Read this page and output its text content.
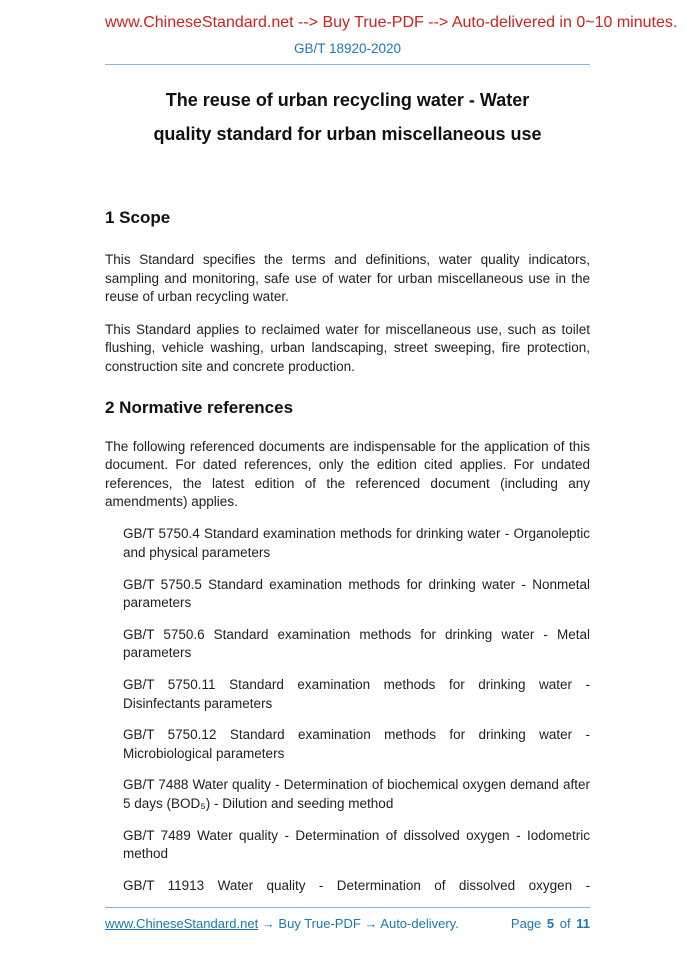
www.ChineseStandard.net --> Buy True-PDF --> Auto-delivered in 0~10 minutes.
GB/T 18920-2020
The reuse of urban recycling water - Water
quality standard for urban miscellaneous use
1 Scope

This Standard specifies the terms and definitions, water quality indicators, sampling and monitoring, safe use of water for urban miscellaneous use in the reuse of urban recycling water.

This Standard applies to reclaimed water for miscellaneous use, such as toilet flushing, vehicle washing, urban landscaping, street sweeping, fire protection, construction site and concrete production.

2 Normative references

The following referenced documents are indispensable for the application of this document. For dated references, only the edition cited applies. For undated references, the latest edition of the referenced document (including any amendments) applies.

GB/T 5750.4 Standard examination methods for drinking water - Organoleptic and physical parameters

GB/T 5750.5 Standard examination methods for drinking water - Nonmetal parameters

GB/T 5750.6 Standard examination methods for drinking water - Metal parameters

GB/T 5750.11 Standard examination methods for drinking water - Disinfectants parameters

GB/T 5750.12 Standard examination methods for drinking water - Microbiological parameters

GB/T 7488 Water quality - Determination of biochemical oxygen demand after 5 days (BOD₅) - Dilution and seeding method

GB/T 7489 Water quality - Determination of dissolved oxygen - Iodometric method

GB/T 11913 Water quality - Determination of dissolved oxygen -

www.ChineseStandard.net → Buy True-PDF → Auto-delivery.	Page 5 of 11
